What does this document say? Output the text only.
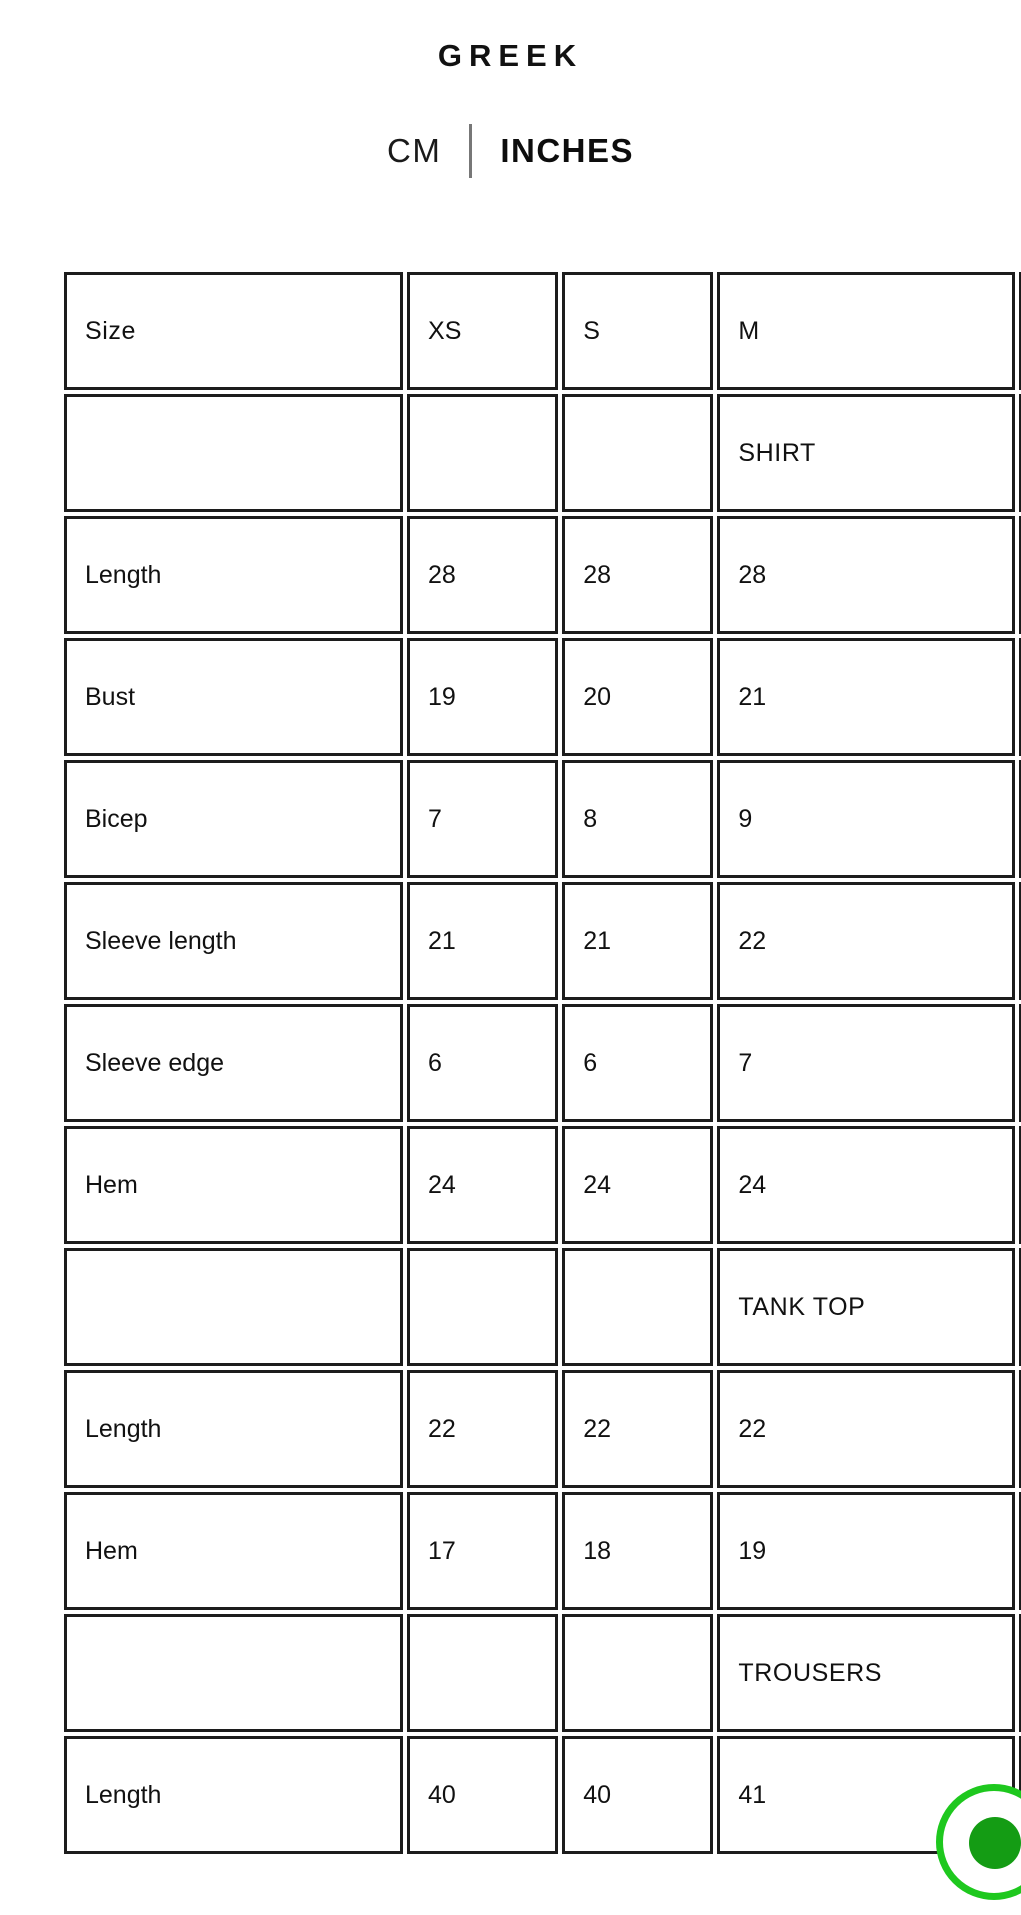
GREEK
CM	INCHES
Size	XS	S	M	
			SHIRT	
Length	28	28	28	
Bust	19	20	21	
Bicep	7	8	9	
Sleeve length	21	21	22	
Sleeve edge	6	6	7	
Hem	24	24	24	
			TANK TOP	
Length	22	22	22	
Hem	17	18	19	
			TROUSERS	
Length	40	40	41	
